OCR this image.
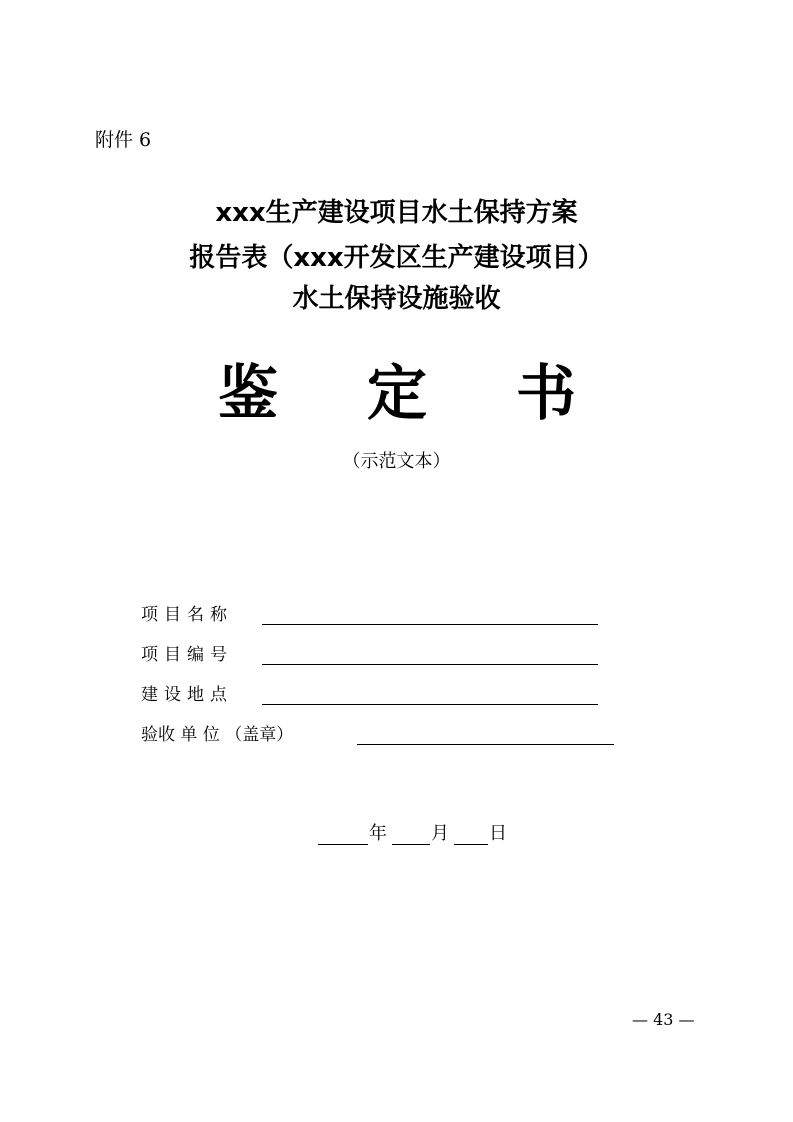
附件 6
xxx生产建设项目水土保持方案
报告表（xxx开发区生产建设项目）
水土保持设施验收
鉴 定 书
（示范文本）
项目名称
项目编号
建设地点
验收 单 位 （盖章）
年 月 日
— 43 —
